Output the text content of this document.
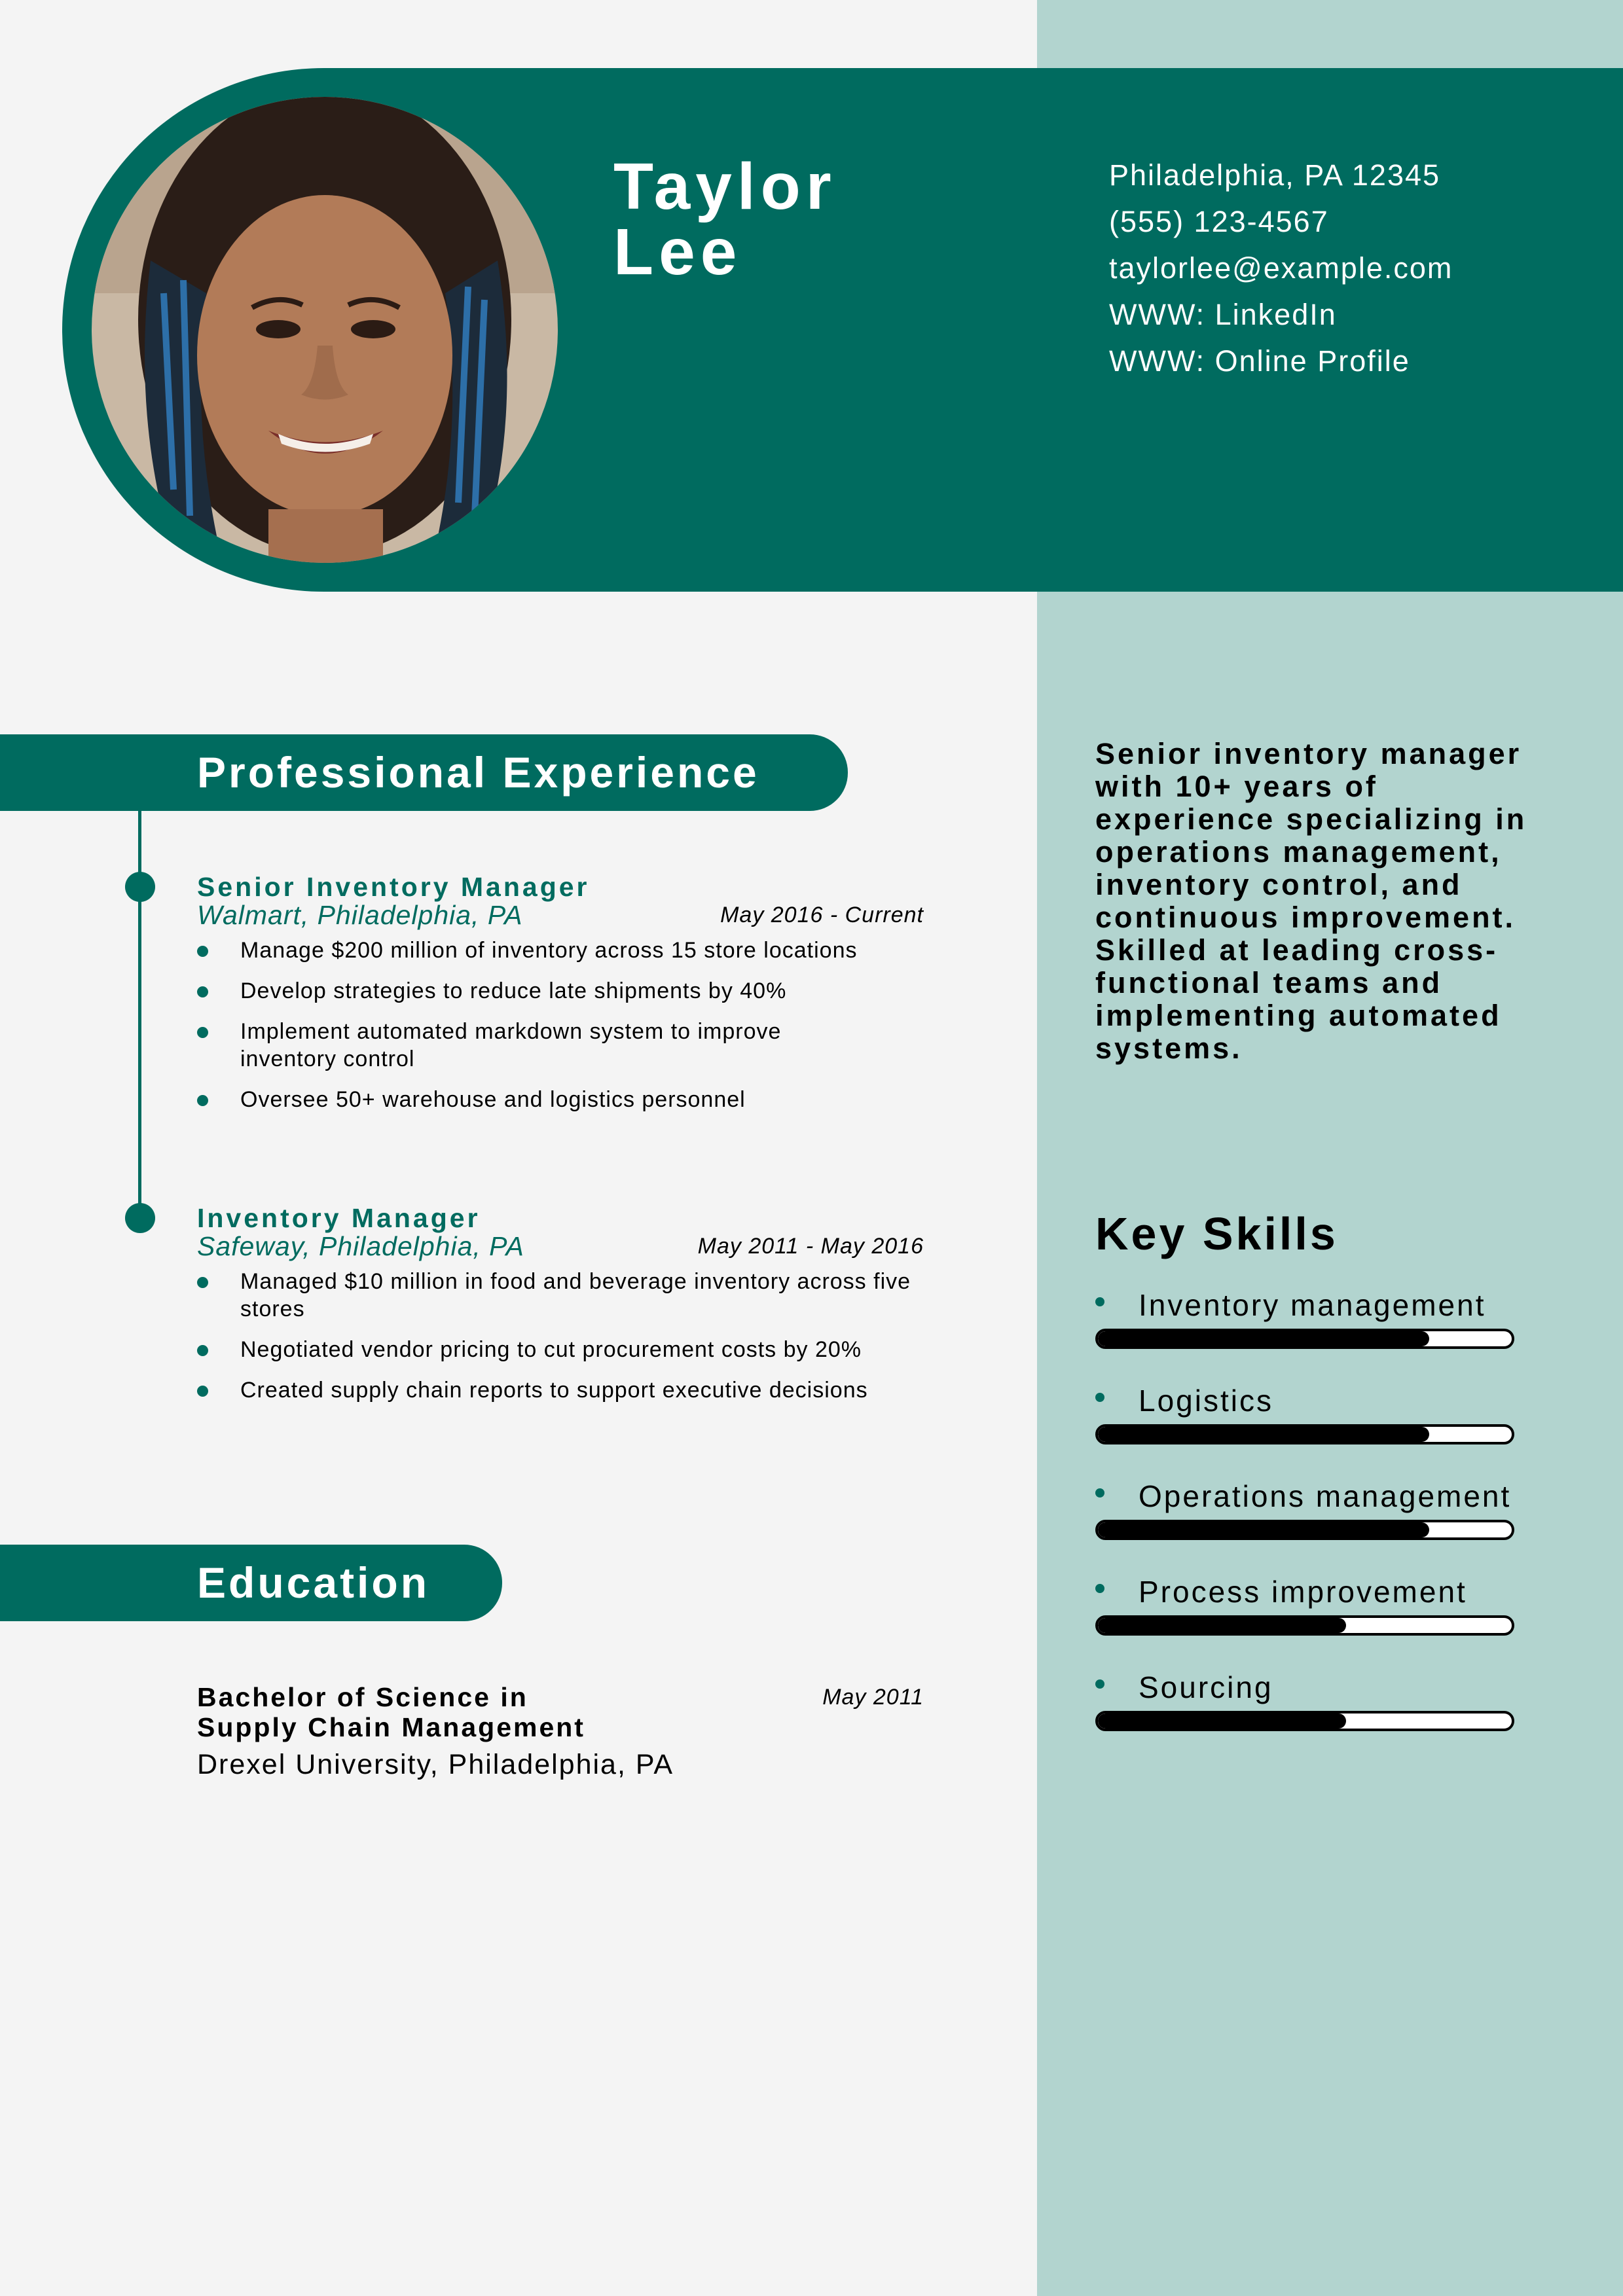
Taylor
Lee
Philadelphia, PA 12345
(555) 123-4567
taylorlee@example.com
WWW: LinkedIn
WWW: Online Profile
Professional Experience
Senior Inventory Manager
Walmart, Philadelphia, PA	May 2016 - Current
Manage $200 million of inventory across 15 store locations
Develop strategies to reduce late shipments by 40%
Implement automated markdown system to improve inventory control
Oversee 50+ warehouse and logistics personnel
Inventory Manager
Safeway, Philadelphia, PA	May 2011 - May 2016
Managed $10 million in food and beverage inventory across five stores
Negotiated vendor pricing to cut procurement costs by 20%
Created supply chain reports to support executive decisions
Education
Bachelor of Science in Supply Chain Management
May 2011
Drexel University, Philadelphia, PA
Senior inventory manager with 10+ years of experience specializing in operations management, inventory control, and continuous improvement. Skilled at leading cross-functional teams and implementing automated systems.
Key Skills
Inventory management
Logistics
Operations management
Process improvement
Sourcing
